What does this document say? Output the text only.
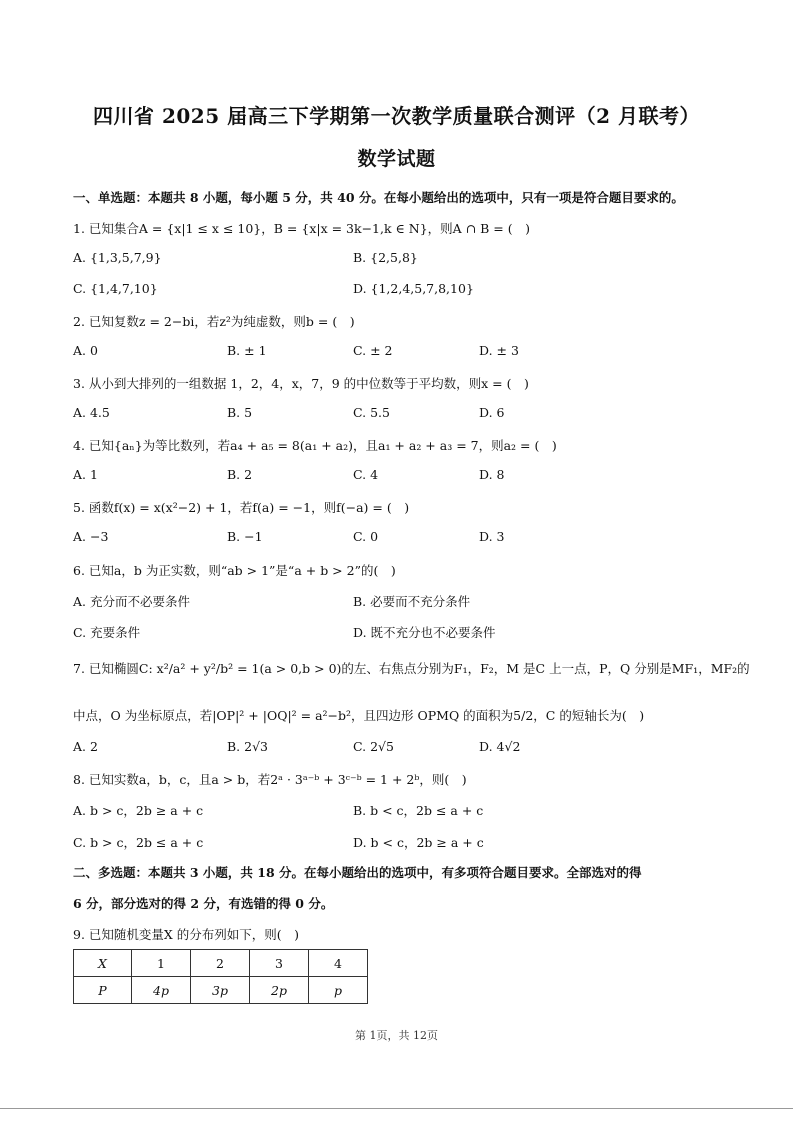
四川省 2025 届高三下学期第一次教学质量联合测评（2 月联考）
数学试题
一、单选题：本题共 8 小题，每小题 5 分，共 40 分。在每小题给出的选项中，只有一项是符合题目要求的。
1. 已知集合A = {x|1 ≤ x ≤ 10}，B = {x|x = 3k−1,k ∈ N}，则A ∩ B = (　)
A. {1,3,5,7,9}	B. {2,5,8}
C. {1,4,7,10}	D. {1,2,4,5,7,8,10}
2. 已知复数z = 2−bi，若z²为纯虚数，则b = (　)
A. 0	B. ± 1	C. ± 2	D. ± 3
3. 从小到大排列的一组数据 1，2，4，x，7，9 的中位数等于平均数，则x = (　)
A. 4.5	B. 5	C. 5.5	D. 6
4. 已知{aₙ}为等比数列，若a₄ + a₅ = 8(a₁ + a₂)，且a₁ + a₂ + a₃ = 7，则a₂ = (　)
A. 1	B. 2	C. 4	D. 8
5. 函数f(x) = x(x²−2) + 1，若f(a) = −1，则f(−a) = (　)
A. −3	B. −1	C. 0	D. 3
6. 已知a，b 为正实数，则“ab > 1”是“a + b > 2”的(　)
A. 充分而不必要条件	B. 必要而不充分条件
C. 充要条件	D. 既不充分也不必要条件
7. 已知椭圆C: x²/a² + y²/b² = 1(a > 0,b > 0)的左、右焦点分别为F₁，F₂，M 是C 上一点，P，Q 分别是MF₁，MF₂的
中点，O 为坐标原点，若|OP|² + |OQ|² = a²−b²，且四边形 OPMQ 的面积为5/2，C 的短轴长为(　)
A. 2	B. 2√3	C. 2√5	D. 4√2
8. 已知实数a，b，c，且a > b，若2ᵃ · 3ᵃ⁻ᵇ + 3ᶜ⁻ᵇ = 1 + 2ᵇ，则(　)
A. b > c，2b ≥ a + c	B. b < c，2b ≤ a + c
C. b > c，2b ≤ a + c	D. b < c，2b ≥ a + c
二、多选题：本题共 3 小题，共 18 分。在每小题给出的选项中，有多项符合题目要求。全部选对的得
6 分，部分选对的得 2 分，有选错的得 0 分。
9. 已知随机变量X 的分布列如下，则(　)
X	1	2	3	4
P	4p	3p	2p	p
第 1页，共 12页
